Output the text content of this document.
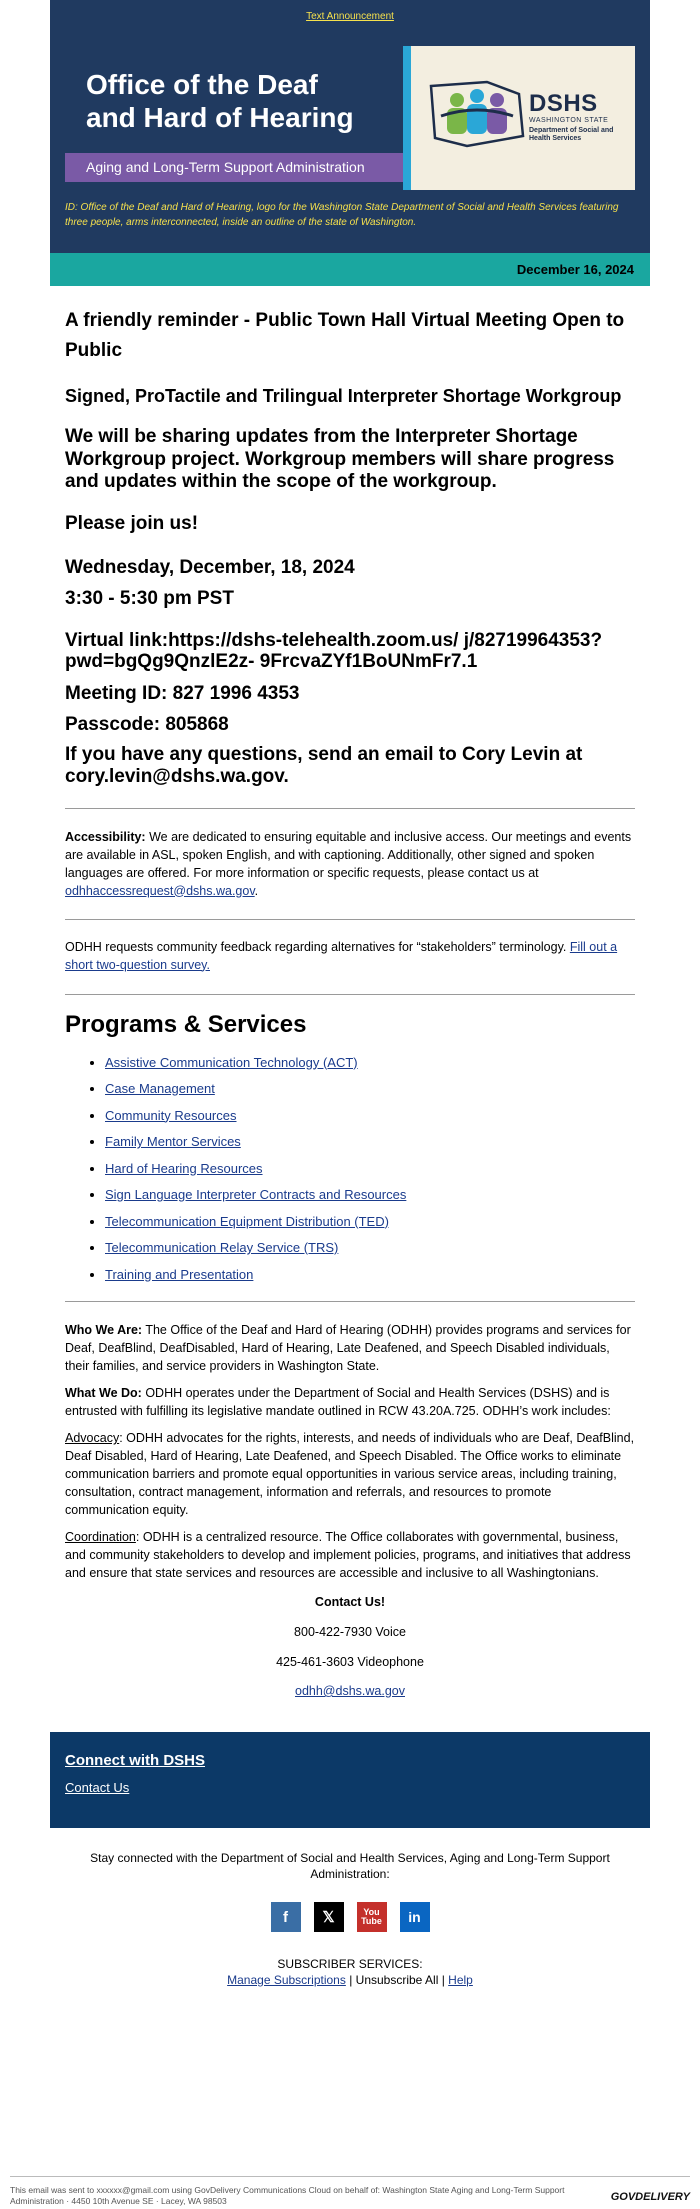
Text Announcement
Office of the Deaf
and Hard of Hearing
Aging and Long-Term Support Administration
DSHS
WASHINGTON STATE
Department of Social and Health Services
ID: Office of the Deaf and Hard of Hearing, logo for the Washington State Department of Social and Health Services featuring three people, arms interconnected, inside an outline of the state of Washington.
December 16, 2024

A friendly reminder - Public Town Hall Virtual Meeting Open to Public

Signed, ProTactile and Trilingual Interpreter Shortage Workgroup

We will be sharing updates from the Interpreter Shortage Workgroup project. Workgroup members will share progress and updates within the scope of the workgroup.

Please join us!

Wednesday, December, 18, 2024

3:30 - 5:30 pm PST

Virtual link:https://dshs-telehealth.zoom.us/ j/82719964353?pwd=bgQg9QnzlE2z- 9FrcvaZYf1BoUNmFr7.1

Meeting ID: 827 1996 4353

Passcode: 805868

If you have any questions, send an email to Cory Levin at cory.levin@dshs.wa.gov.

Accessibility: We are dedicated to ensuring equitable and inclusive access. Our meetings and events are available in ASL, spoken English, and with captioning. Additionally, other signed and spoken languages are offered. For more information or specific requests, please contact us at odhhaccessrequest@dshs.wa.gov.

ODHH requests community feedback regarding alternatives for “stakeholders” terminology. Fill out a short two-question survey.

Programs & Services

• Assistive Communication Technology (ACT)
• Case Management
• Community Resources
• Family Mentor Services
• Hard of Hearing Resources
• Sign Language Interpreter Contracts and Resources
• Telecommunication Equipment Distribution (TED)
• Telecommunication Relay Service (TRS)
• Training and Presentation

Who We Are: The Office of the Deaf and Hard of Hearing (ODHH) provides programs and services for Deaf, DeafBlind, DeafDisabled, Hard of Hearing, Late Deafened, and Speech Disabled individuals, their families, and service providers in Washington State.

What We Do: ODHH operates under the Department of Social and Health Services (DSHS) and is entrusted with fulfilling its legislative mandate outlined in RCW 43.20A.725. ODHH’s work includes:

Advocacy: ODHH advocates for the rights, interests, and needs of individuals who are Deaf, DeafBlind, Deaf Disabled, Hard of Hearing, Late Deafened, and Speech Disabled. The Office works to eliminate communication barriers and promote equal opportunities in various service areas, including training, consultation, contract management, information and referrals, and resources to promote communication equity.

Coordination: ODHH is a centralized resource. The Office collaborates with governmental, business, and community stakeholders to develop and implement policies, programs, and initiatives that address and ensure that state services and resources are accessible and inclusive to all Washingtonians.

Contact Us!
800-422-7930 Voice
425-461-3603 Videophone
odhh@dshs.wa.gov
Connect with DSHS
Contact Us
Stay connected with the Department of Social and Health Services, Aging and Long-Term Support Administration:
f	𝕏	You
Tube	in
SUBSCRIBER SERVICES:
Manage Subscriptions | Unsubscribe All | Help
This email was sent to xxxxxx@gmail.com using GovDelivery Communications Cloud on behalf of: Washington State Aging and Long-Term Support Administration · 4450 10th Avenue SE · Lacey, WA 98503	GOVDELIVERY
